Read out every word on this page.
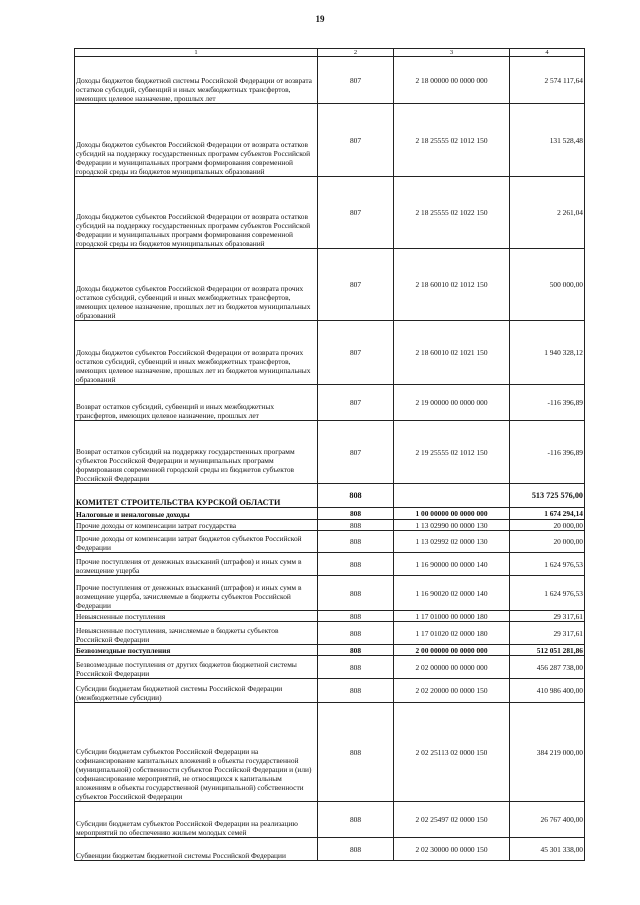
19
1	2	3	4
Доходы бюджетов бюджетной системы Российской Федерации от возврата остатков субсидий, субвенций и иных межбюджетных трансфертов, имеющих целевое назначение, прошлых лет	807	2 18 00000 00 0000 000	2 574 117,64
Доходы бюджетов субъектов Российской Федерации от возврата остатков субсидий на поддержку государственных программ субъектов Российской Федерации и муниципальных программ формирования современной городской среды из бюджетов муниципальных образований	807	2 18 25555 02 1012 150	131 528,48
Доходы бюджетов субъектов Российской Федерации от возврата остатков субсидий на поддержку государственных программ субъектов Российской Федерации и муниципальных программ формирования современной городской среды из бюджетов муниципальных образований	807	2 18 25555 02 1022 150	2 261,04
Доходы бюджетов субъектов Российской Федерации от возврата прочих остатков субсидий, субвенций и иных межбюджетных трансфертов, имеющих целевое назначение, прошлых лет из бюджетов муниципальных образований	807	2 18 60010 02 1012 150	500 000,00
Доходы бюджетов субъектов Российской Федерации от возврата прочих остатков субсидий, субвенций и иных межбюджетных трансфертов, имеющих целевое назначение, прошлых лет из бюджетов муниципальных образований	807	2 18 60010 02 1021 150	1 940 328,12
Возврат остатков субсидий, субвенций и иных межбюджетных трансфертов, имеющих целевое назначение, прошлых лет	807	2 19 00000 00 0000 000	-116 396,89
Возврат остатков субсидий на поддержку государственных программ субъектов Российской Федерации и муниципальных программ формирования современной городской среды из бюджетов субъектов Российской Федерации	807	2 19 25555 02 1012 150	-116 396,89
КОМИТЕТ СТРОИТЕЛЬСТВА КУРСКОЙ ОБЛАСТИ	808		513 725 576,00
Налоговые и неналоговые доходы	808	1 00 00000 00 0000 000	1 674 294,14
Прочие доходы от компенсации затрат государства	808	1 13 02990 00 0000 130	20 000,00
Прочие доходы от компенсации затрат бюджетов субъектов Российской Федерации	808	1 13 02992 02 0000 130	20 000,00
Прочие поступления от денежных взысканий (штрафов) и иных сумм в возмещение ущерба	808	1 16 90000 00 0000 140	1 624 976,53
Прочие поступления от денежных взысканий (штрафов) и иных сумм в возмещение ущерба, зачисляемые в бюджеты субъектов Российской Федерации	808	1 16 90020 02 0000 140	1 624 976,53
Невыясненные поступления	808	1 17 01000 00 0000 180	29 317,61
Невыясненные поступления, зачисляемые в бюджеты субъектов Российской Федерации	808	1 17 01020 02 0000 180	29 317,61
Безвозмездные поступления	808	2 00 00000 00 0000 000	512 051 281,86
Безвозмездные поступления от других бюджетов бюджетной системы Российской Федерации	808	2 02 00000 00 0000 000	456 287 738,00
Субсидии бюджетам бюджетной системы Российской Федерации (межбюджетные субсидии)	808	2 02 20000 00 0000 150	410 986 400,00
Субсидии бюджетам субъектов Российской Федерации на софинансирование капитальных вложений в объекты государственной (муниципальной) собственности субъектов Российской Федерации и (или) софинансирование мероприятий, не относящихся к капитальным вложениям в объекты государственной (муниципальной) собственности субъектов Российской Федерации	808	2 02 25113 02 0000 150	384 219 000,00
Субсидии бюджетам субъектов Российской Федерации на реализацию мероприятий по обеспечению жильем молодых семей	808	2 02 25497 02 0000 150	26 767 400,00
Субвенции бюджетам бюджетной системы Российской Федерации	808	2 02 30000 00 0000 150	45 301 338,00
